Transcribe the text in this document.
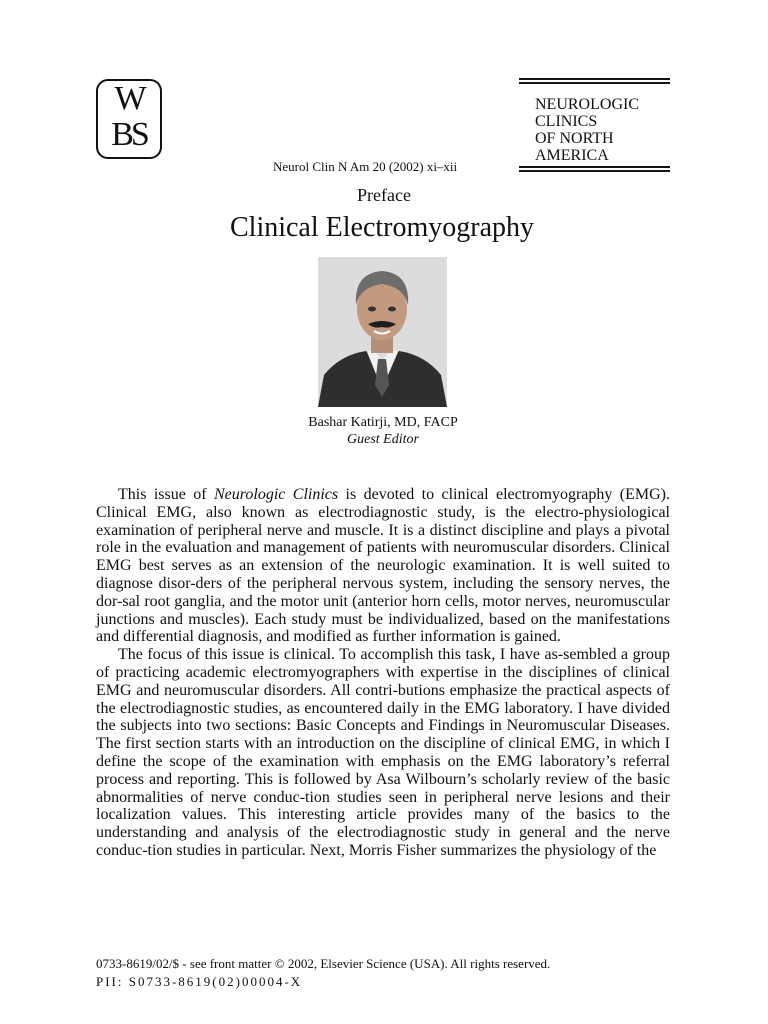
W
BS
NEUROLOGIC
CLINICS
OF NORTH
AMERICA
Neurol Clin N Am 20 (2002) xi–xii
Preface
Clinical Electromyography
Bashar Katirji, MD, FACP
Guest Editor

This issue of Neurologic Clinics is devoted to clinical electromyography (EMG). Clinical EMG, also known as electrodiagnostic study, is the electro-physiological examination of peripheral nerve and muscle. It is a distinct discipline and plays a pivotal role in the evaluation and management of patients with neuromuscular disorders. Clinical EMG best serves as an extension of the neurologic examination. It is well suited to diagnose disor-ders of the peripheral nervous system, including the sensory nerves, the dor-sal root ganglia, and the motor unit (anterior horn cells, motor nerves, neuromuscular junctions and muscles). Each study must be individualized, based on the manifestations and differential diagnosis, and modified as further information is gained.

The focus of this issue is clinical. To accomplish this task, I have as-sembled a group of practicing academic electromyographers with expertise in the disciplines of clinical EMG and neuromuscular disorders. All contri-butions emphasize the practical aspects of the electrodiagnostic studies, as encountered daily in the EMG laboratory. I have divided the subjects into two sections: Basic Concepts and Findings in Neuromuscular Diseases. The first section starts with an introduction on the discipline of clinical EMG, in which I define the scope of the examination with emphasis on the EMG laboratory’s referral process and reporting. This is followed by Asa Wilbourn’s scholarly review of the basic abnormalities of nerve conduc-tion studies seen in peripheral nerve lesions and their localization values. This interesting article provides many of the basics to the understanding and analysis of the electrodiagnostic study in general and the nerve conduc-tion studies in particular. Next, Morris Fisher summarizes the physiology of the

0733-8619/02/$ - see front matter © 2002, Elsevier Science (USA). All rights reserved.
PII: S0733-8619(02)00004-X
